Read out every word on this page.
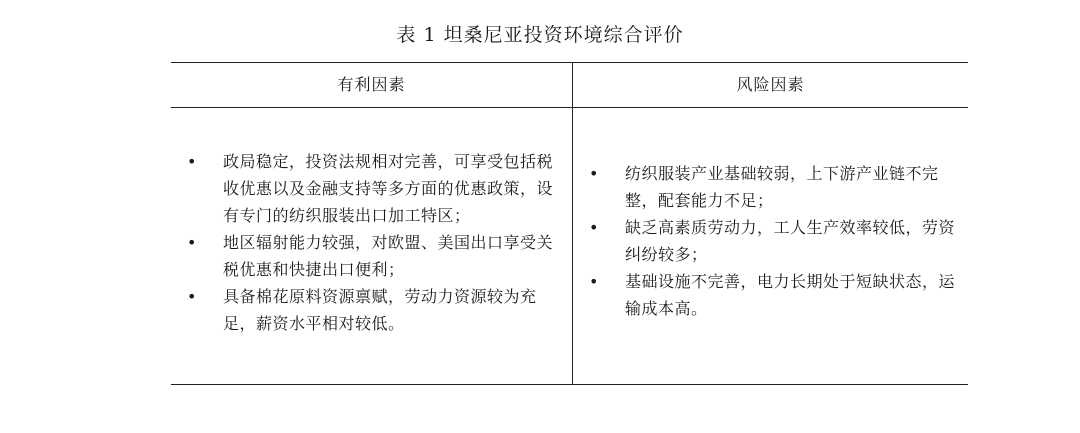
表 1 坦桑尼亚投资环境综合评价
有利因素	风险因素
• 政局稳定，投资法规相对完善，可享受包括税收优惠以及金融支持等多方面的优惠政策，设有专门的纺织服装出口加工特区；
• 地区辐射能力较强，对欧盟、美国出口享受关税优惠和快捷出口便利；
• 具备棉花原料资源禀赋，劳动力资源较为充足，薪资水平相对较低。
• 纺织服装产业基础较弱，上下游产业链不完整，配套能力不足；
• 缺乏高素质劳动力，工人生产效率较低，劳资纠纷较多；
• 基础设施不完善，电力长期处于短缺状态，运输成本高。
